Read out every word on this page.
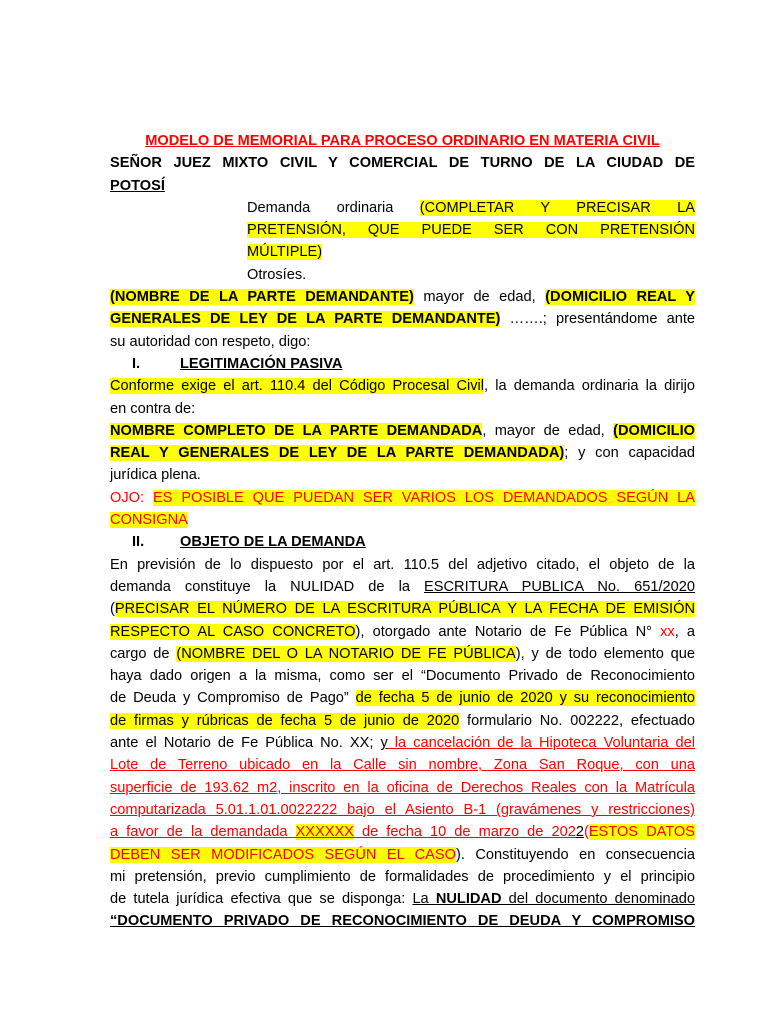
MODELO DE MEMORIAL PARA PROCESO ORDINARIO EN MATERIA CIVIL

SEÑOR JUEZ MIXTO CIVIL Y COMERCIAL DE TURNO DE LA CIUDAD DE

POTOSÍ

Demanda ordinaria (COMPLETAR Y PRECISAR LA

PRETENSIÓN, QUE PUEDE SER CON PRETENSIÓN

MÚLTIPLE)

Otrosíes.

(NOMBRE DE LA PARTE DEMANDANTE) mayor de edad, (DOMICILIO REAL Y

GENERALES DE LEY DE LA PARTE DEMANDANTE) …….; presentándome ante

su autoridad con respeto, digo:

I.	LEGITIMACIÓN PASIVA

Conforme exige el art. 110.4 del Código Procesal Civil, la demanda ordinaria la dirijo

en contra de:

NOMBRE COMPLETO DE LA PARTE DEMANDADA, mayor de edad, (DOMICILIO

REAL Y GENERALES DE LEY DE LA PARTE DEMANDADA); y con capacidad

jurídica plena.

OJO: ES POSIBLE QUE PUEDAN SER VARIOS LOS DEMANDADOS SEGÚN LA

CONSIGNA

II.	OBJETO DE LA DEMANDA

En previsión de lo dispuesto por el art. 110.5 del adjetivo citado, el objeto de la

demanda constituye la NULIDAD de la ESCRITURA PUBLICA No. 651/2020

(PRECISAR EL NÚMERO DE LA ESCRITURA PÚBLICA Y LA FECHA DE EMISIÓN

RESPECTO AL CASO CONCRETO), otorgado ante Notario de Fe Pública N° xx, a

cargo de (NOMBRE DEL O LA NOTARIO DE FE PÚBLICA), y de todo elemento que

haya dado origen a la misma, como ser el “Documento Privado de Reconocimiento

de Deuda y Compromiso de Pago” de fecha 5 de junio de 2020 y su reconocimiento

de firmas y rúbricas de fecha 5 de junio de 2020 formulario No. 002222, efectuado

ante el Notario de Fe Pública No. XX; y la cancelación de la Hipoteca Voluntaria del

Lote de Terreno ubicado en la Calle sin nombre, Zona San Roque, con una

superficie de 193.62 m2, inscrito en la oficina de Derechos Reales con la Matrícula

computarizada 5.01.1.01.0022222 bajo el Asiento B-1 (gravámenes y restricciones)

a favor de la demandada XXXXXX de fecha 10 de marzo de 2022(ESTOS DATOS

DEBEN SER MODIFICADOS SEGÚN EL CASO). Constituyendo en consecuencia

mi pretensión, previo cumplimiento de formalidades de procedimiento y el principio

de tutela jurídica efectiva que se disponga: La NULIDAD del documento denominado

“DOCUMENTO PRIVADO DE RECONOCIMIENTO DE DEUDA Y COMPROMISO
